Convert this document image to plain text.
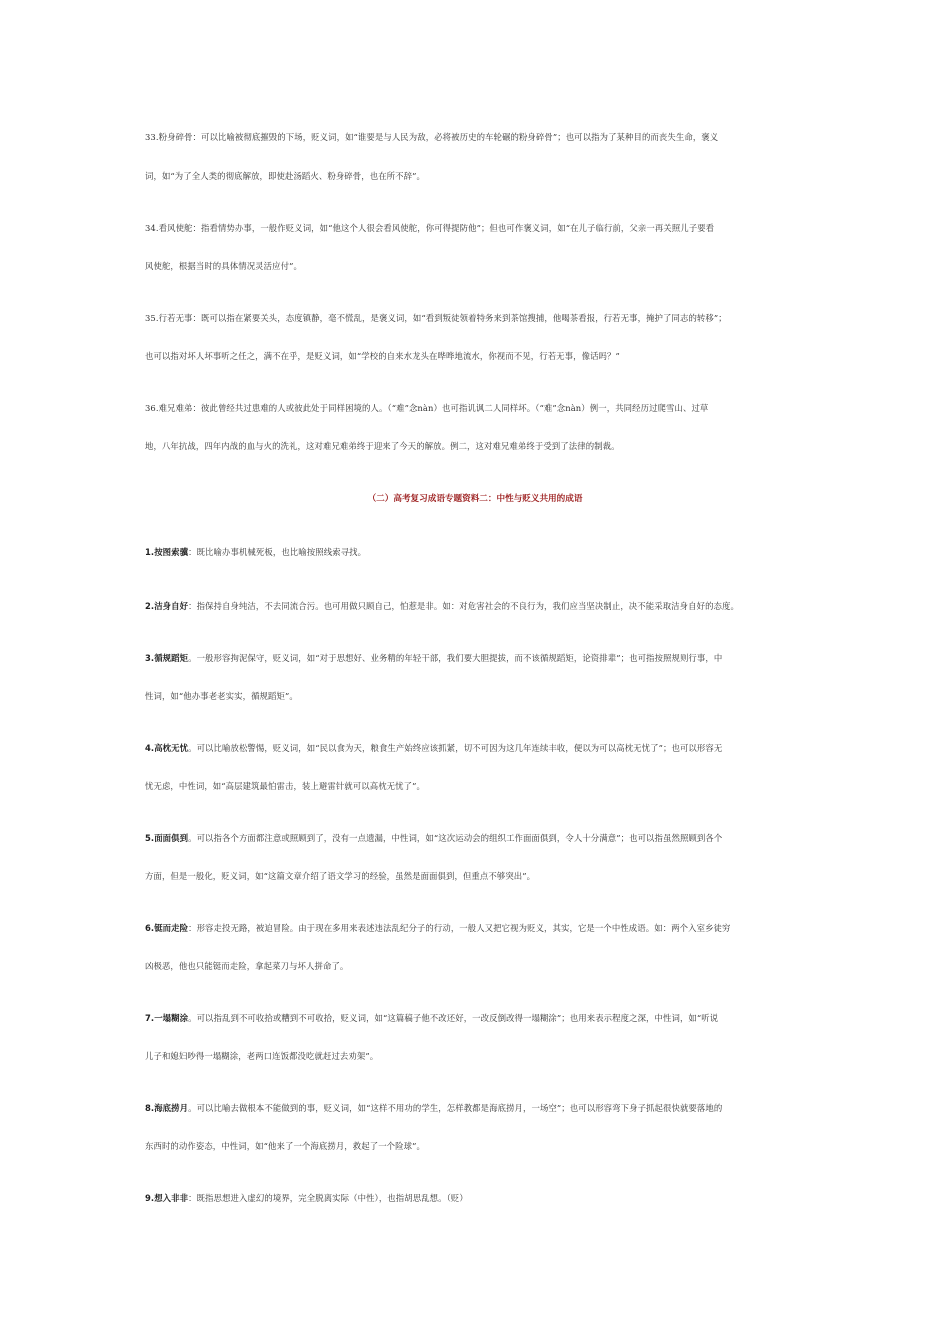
33.粉身碎骨：可以比喻被彻底摧毁的下场，贬义词，如“谁要是与人民为敌，必将被历史的车轮碾的粉身碎骨”；也可以指为了某种目的而丧失生命，褒义
词，如“为了全人类的彻底解放，即使赴汤蹈火、粉身碎骨，也在所不辞”。
34.看风使舵：指看情势办事，一般作贬义词，如“他这个人很会看风使舵，你可得提防他”；但也可作褒义词，如“在儿子临行前，父亲一再关照儿子要看
风使舵，根据当时的具体情况灵活应付”。
35.行若无事：既可以指在紧要关头，态度镇静，毫不慌乱，是褒义词，如“看到叛徒领着特务来到茶馆搜捕，他喝茶看报，行若无事，掩护了同志的转移”；
也可以指对坏人坏事听之任之，满不在乎，是贬义词，如“学校的自来水龙头在哗哗地流水，你视而不见，行若无事，像话吗？”
36.难兄难弟：彼此曾经共过患难的人或彼此处于同样困境的人。（“难”念nàn）也可指讥讽二人同样坏。（“难”念nàn）例一，共同经历过爬雪山、过草
地，八年抗战，四年内战的血与火的洗礼，这对难兄难弟终于迎来了今天的解放。例二，这对难兄难弟终于受到了法律的制裁。
（二）高考复习成语专题资料二：中性与贬义共用的成语
1.按图索骥：既比喻办事机械死板，也比喻按照线索寻找。
2.洁身自好：指保持自身纯洁，不去同流合污。也可用做只顾自己，怕惹是非。如：对危害社会的不良行为，我们应当坚决制止，决不能采取洁身自好的态度。
3.循规蹈矩。一般形容拘泥保守，贬义词，如“对于思想好、业务精的年轻干部，我们要大胆提拔，而不该循规蹈矩，论资排辈”；也可指按照规则行事，中
性词，如“他办事老老实实，循规蹈矩”。
4.高枕无忧。可以比喻放松警惕，贬义词，如“民以食为天，粮食生产始终应该抓紧，切不可因为这几年连续丰收，便以为可以高枕无忧了”；也可以形容无
忧无虑，中性词，如“高层建筑最怕雷击，装上避雷针就可以高枕无忧了”。
5.面面俱到。可以指各个方面都注意或照顾到了，没有一点遗漏，中性词，如“这次运动会的组织工作面面俱到，令人十分满意”；也可以指虽然照顾到各个
方面，但是一般化，贬义词，如“这篇文章介绍了语文学习的经验，虽然是面面俱到，但重点不够突出”。
6.铤而走险：形容走投无路，被迫冒险。由于现在多用来表述违法乱纪分子的行动，一般人又把它视为贬义，其实，它是一个中性成语。如：两个入室乡徒穷
凶极恶，他也只能铤而走险，拿起菜刀与坏人拼命了。
7.一塌糊涂。可以指乱到不可收拾或糟到不可收拾，贬义词，如“这篇稿子他不改还好，一改反倒改得一塌糊涂”；也用来表示程度之深，中性词，如“听说
儿子和媳妇吵得一塌糊涂，老两口连饭都没吃就赶过去劝架”。
8.海底捞月。可以比喻去做根本不能做到的事，贬义词，如“这样不用功的学生，怎样教都是海底捞月，一场空”；也可以形容弯下身子抓起很快就要落地的
东西时的动作姿态，中性词，如“他来了一个海底捞月，救起了一个险球”。
9.想入非非：既指思想进入虚幻的境界，完全脱离实际（中性），也指胡思乱想。（贬）
